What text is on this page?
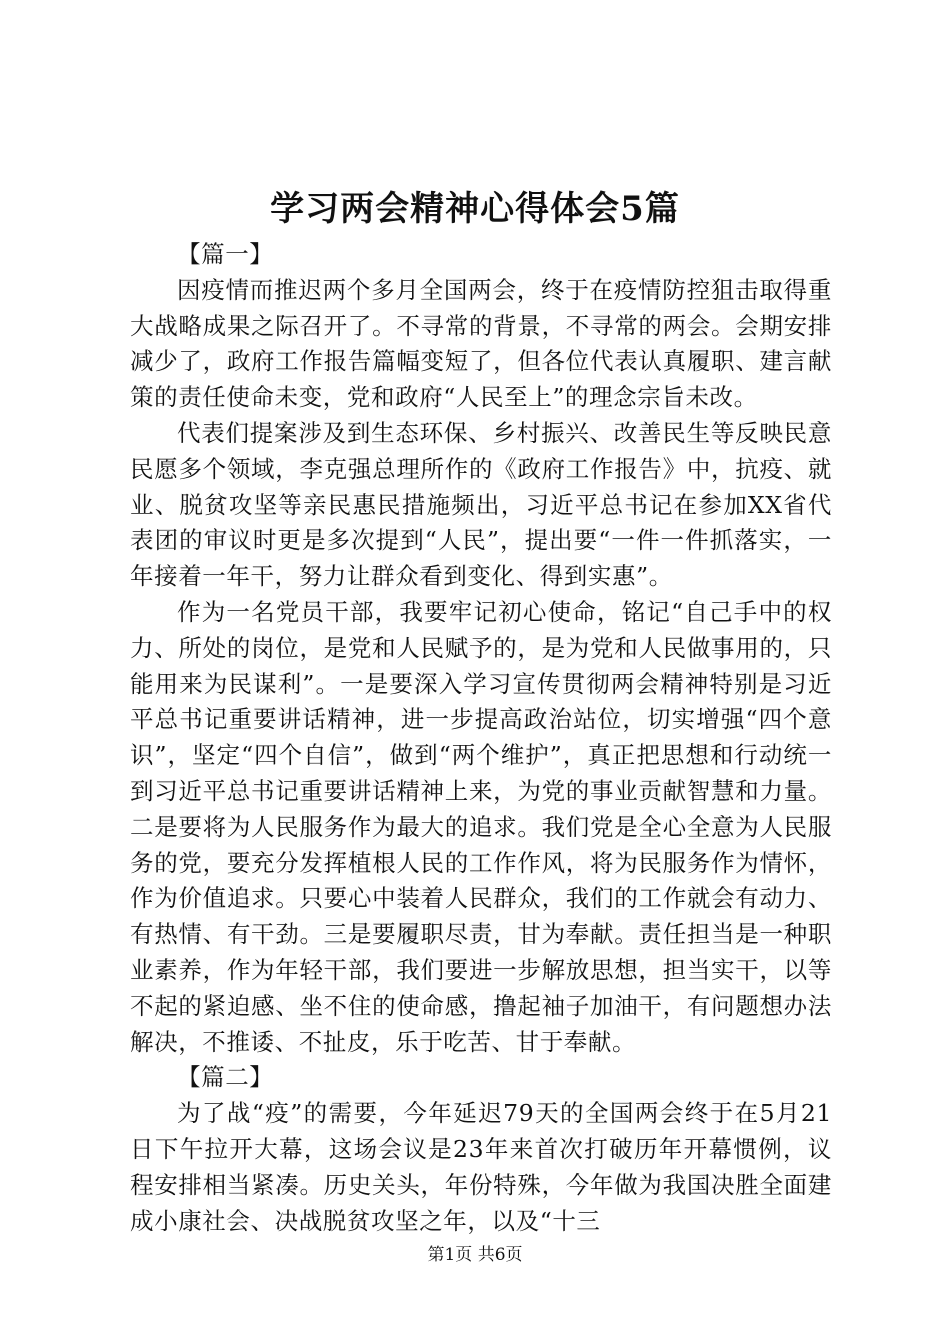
学习两会精神心得体会5篇
【篇一】

因疫情而推迟两个多月全国两会，终于在疫情防控狙击取得重大战略成果之际召开了。不寻常的背景，不寻常的两会。会期安排减少了，政府工作报告篇幅变短了，但各位代表认真履职、建言献策的责任使命未变，党和政府“人民至上”的理念宗旨未改。

代表们提案涉及到生态环保、乡村振兴、改善民生等反映民意民愿多个领域，李克强总理所作的《政府工作报告》中，抗疫、就业、脱贫攻坚等亲民惠民措施频出，习近平总书记在参加XX省代表团的审议时更是多次提到“人民”，提出要“一件一件抓落实，一年接着一年干，努力让群众看到变化、得到实惠”。

作为一名党员干部，我要牢记初心使命，铭记“自己手中的权力、所处的岗位，是党和人民赋予的，是为党和人民做事用的，只能用来为民谋利”。一是要深入学习宣传贯彻两会精神特别是习近平总书记重要讲话精神，进一步提高政治站位，切实增强“四个意识”，坚定“四个自信”，做到“两个维护”，真正把思想和行动统一到习近平总书记重要讲话精神上来，为党的事业贡献智慧和力量。二是要将为人民服务作为最大的追求。我们党是全心全意为人民服务的党，要充分发挥植根人民的工作作风，将为民服务作为情怀，作为价值追求。只要心中装着人民群众，我们的工作就会有动力、有热情、有干劲。三是要履职尽责，甘为奉献。责任担当是一种职业素养，作为年轻干部，我们要进一步解放思想，担当实干，以等不起的紧迫感、坐不住的使命感，撸起袖子加油干，有问题想办法解决，不推诿、不扯皮，乐于吃苦、甘于奉献。

【篇二】

为了战“疫”的需要，今年延迟79天的全国两会终于在5月21日下午拉开大幕，这场会议是23年来首次打破历年开幕惯例，议程安排相当紧凑。历史关头，年份特殊，今年做为我国决胜全面建成小康社会、决战脱贫攻坚之年，以及“十三

第1页 共6页
